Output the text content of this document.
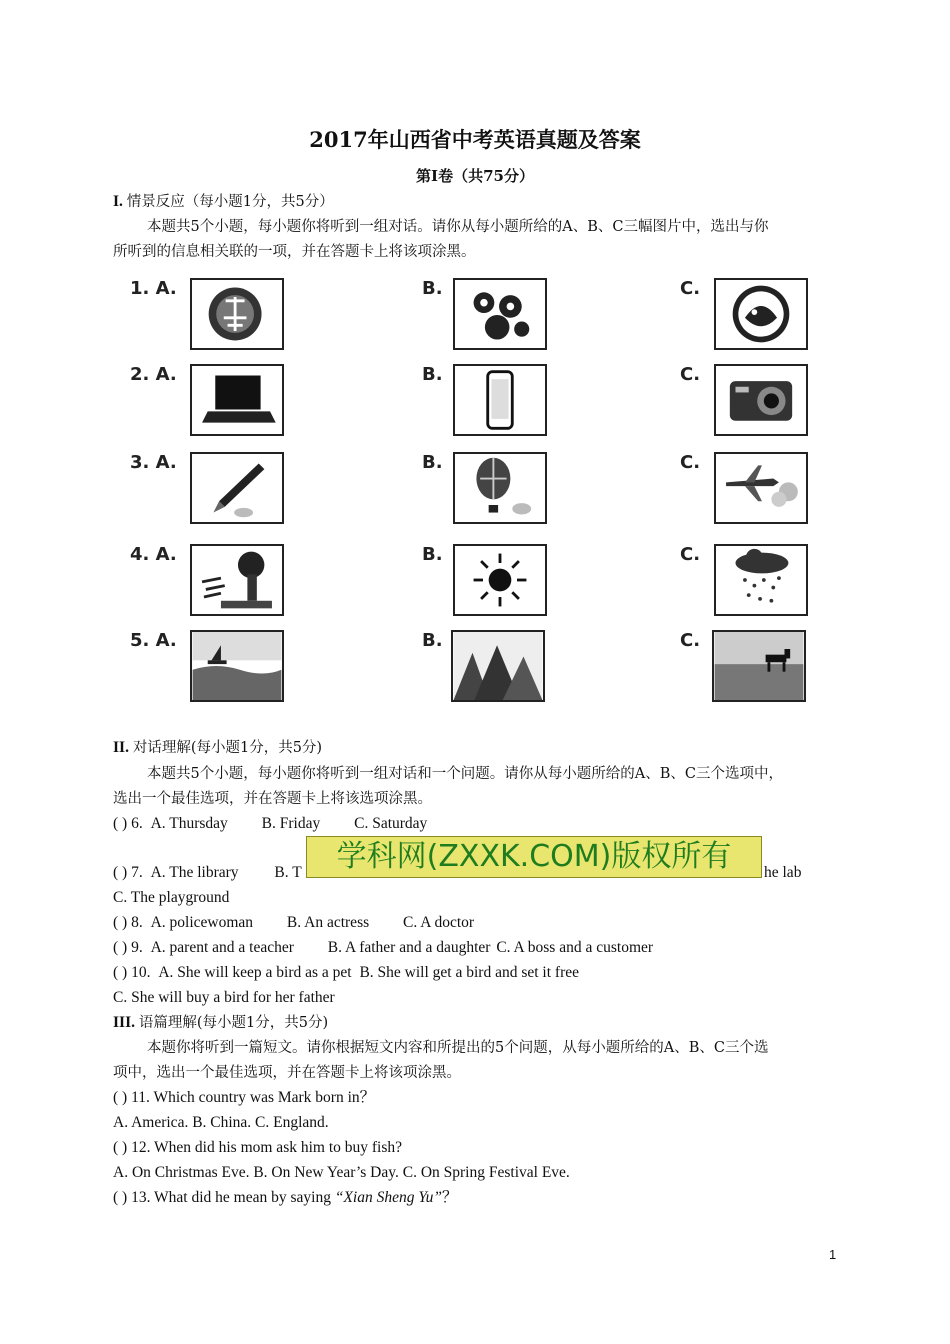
2017年山西省中考英语真题及答案
第I卷（共75分）
I. 情景反应（每小题1分，共5分）
本题共5个小题，每小题你将听到一组对话。请你从每小题所给的A、B、C三幅图片中，选出与你
所听到的信息相关联的一项，并在答题卡上将该项涂黑。
1. A.	B.	C.
2. A.	B.	C.
3. A.	B.	C.
4. A.	B.	C.
5. A.	B.	C.
II. 对话理解(每小题1分，共5分)
本题共5个小题，每小题你将听到一组对话和一个问题。请你从每小题所给的A、B、C三个选项中，
选出一个最佳选项，并在答题卡上将该选项涂黑。
( ) 6. A. Thursday B. Friday C. Saturday
( ) 7. A. The library B. T	he lab
C. The playground
学科网(ZXXK.COM)版权所有
( ) 8. A. policewoman B. An actress C. A doctor
( ) 9. A. parent and a teacher B. A father and a daughter C. A boss and a customer
( ) 10. A. She will keep a bird as a pet B. She will get a bird and set it free
C. She will buy a bird for her father
III. 语篇理解(每小题1分，共5分)
本题你将听到一篇短文。请你根据短文内容和所提出的5个问题，从每小题所给的A、B、C三个选
项中，选出一个最佳选项，并在答题卡上将该项涂黑。
( ) 11. Which country was Mark born in？
A. America. B. China. C. England.
( ) 12. When did his mom ask him to buy fish?
A. On Christmas Eve. B. On New Year’s Day. C. On Spring Festival Eve.
( ) 13. What did he mean by saying “Xian Sheng Yu”？
1
